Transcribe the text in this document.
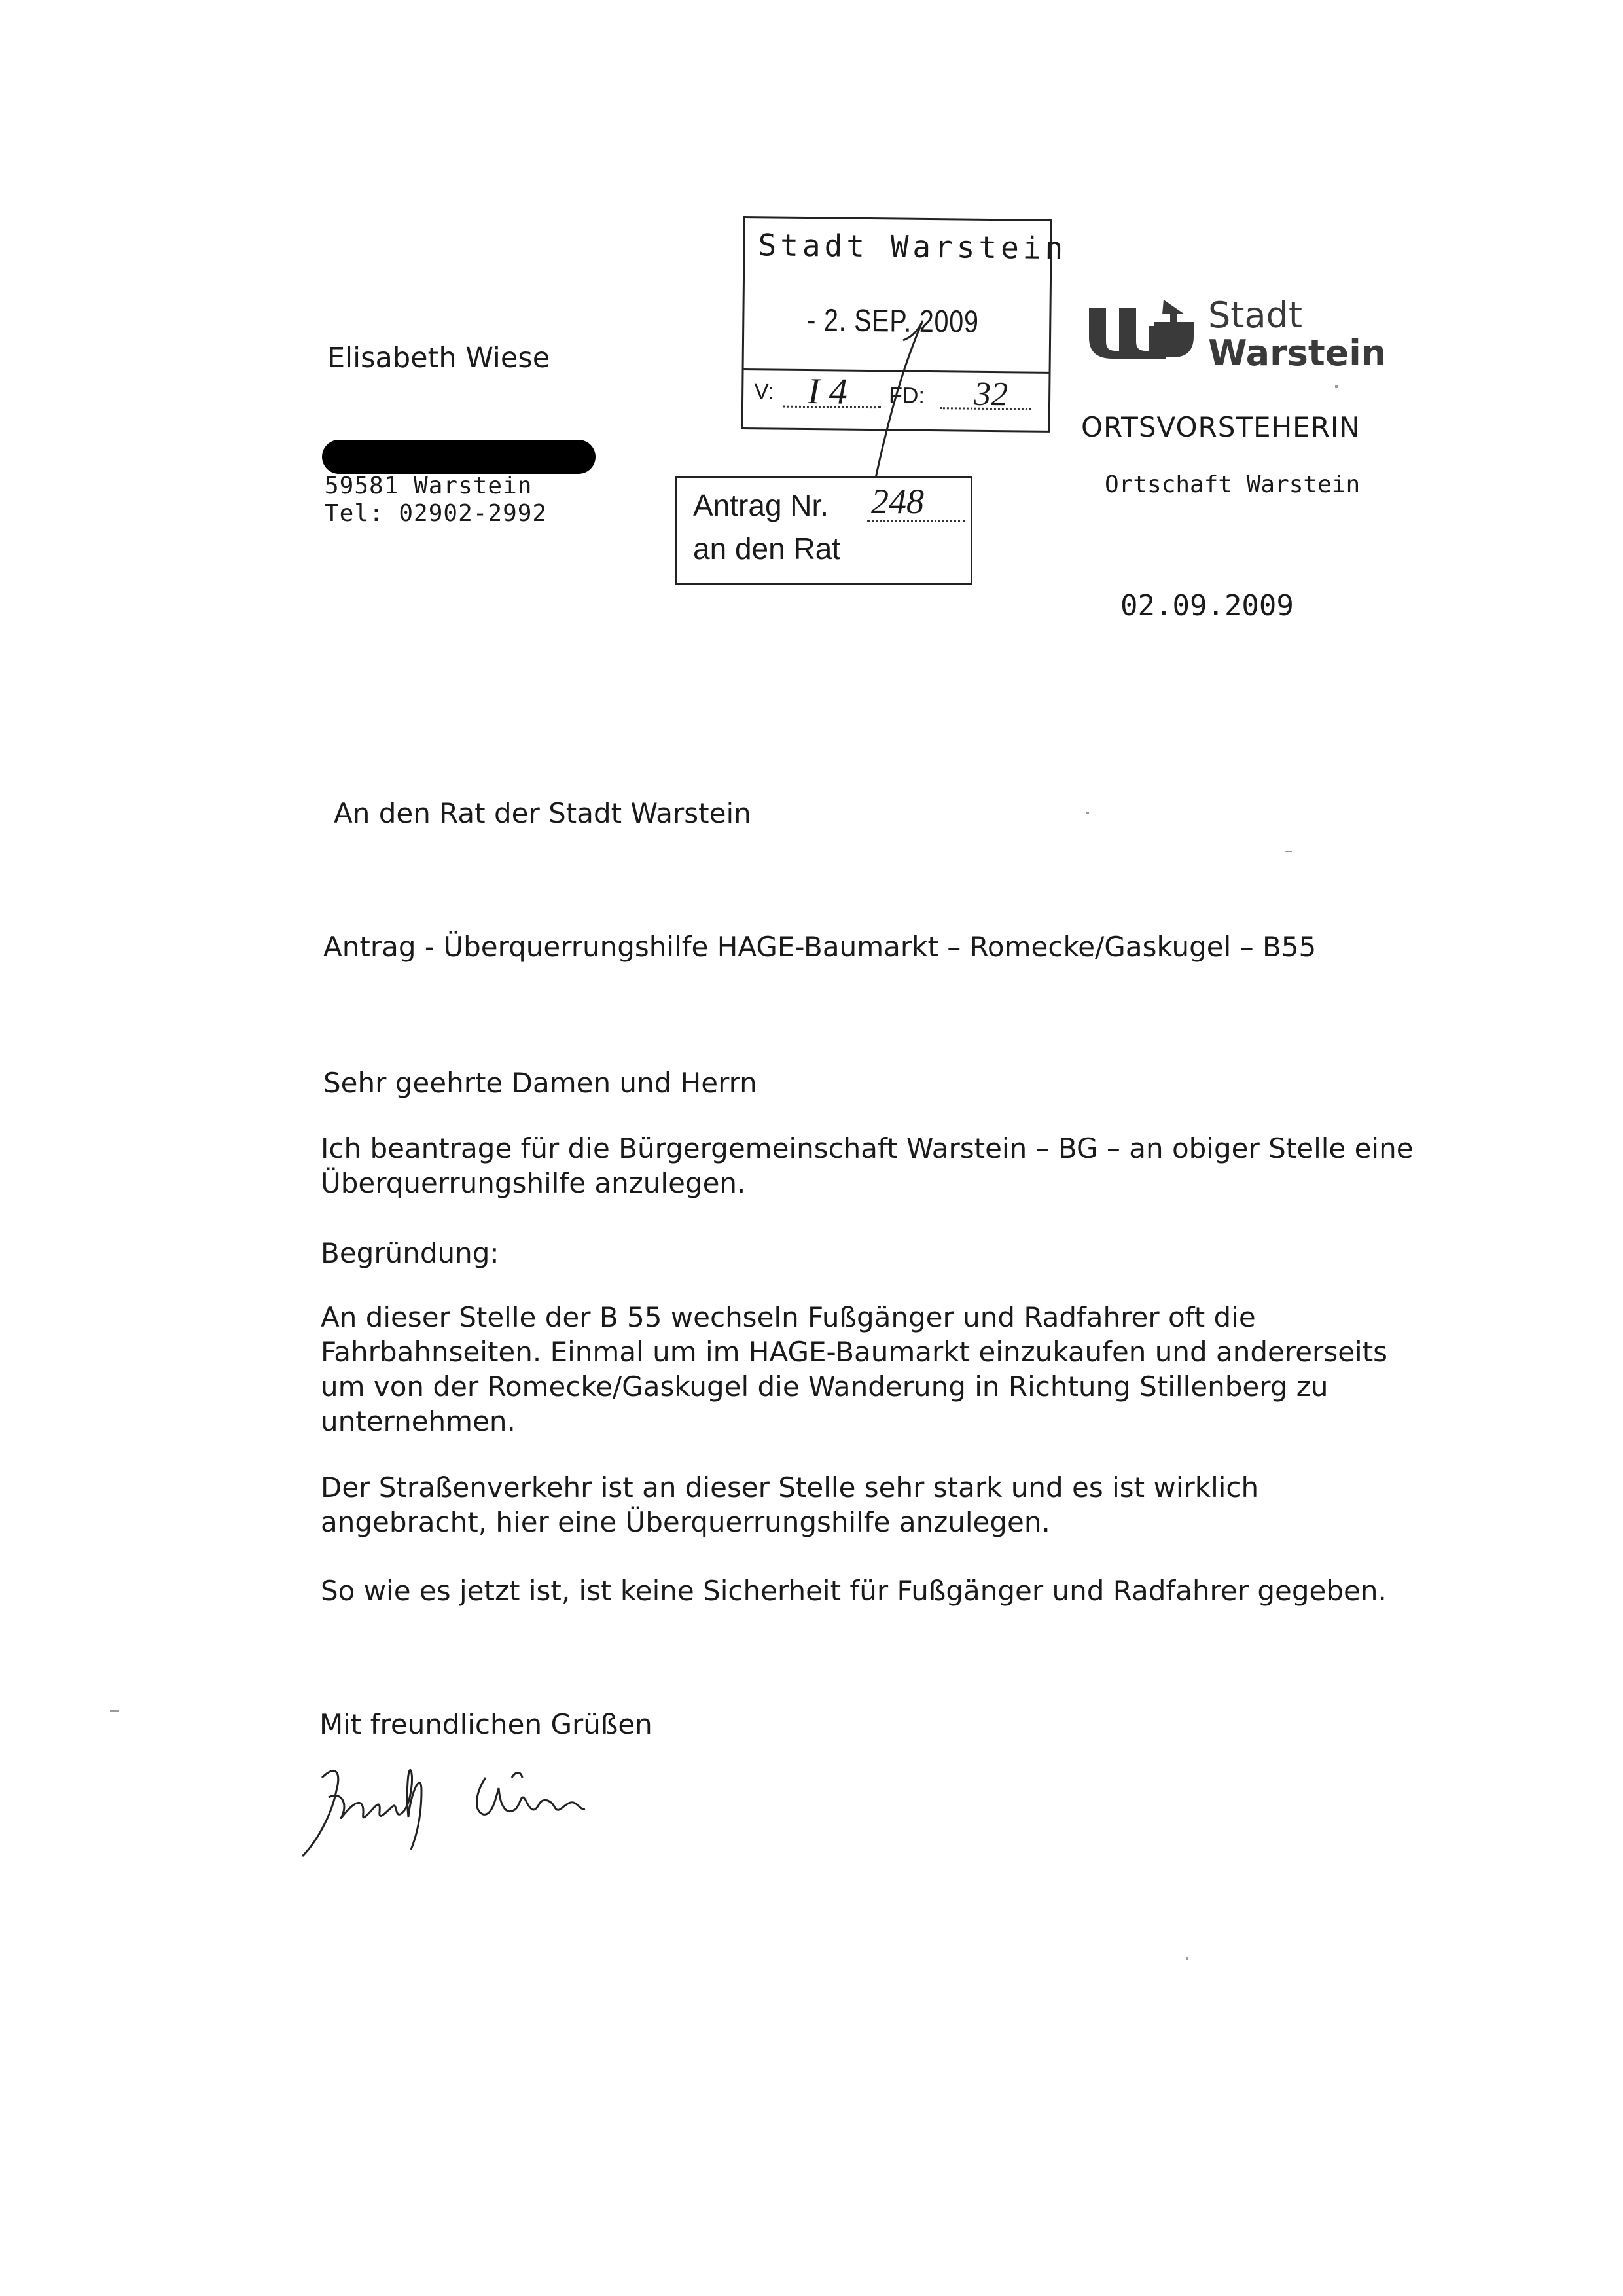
Elisabeth Wiese
59581 Warstein
Tel: 02902-2992
Stadt Warstein
- 2. SEP. 2009
V: I 4 FD: 32
Antrag Nr. 248
an den Rat
Stadt
Warstein
ORTSVORSTEHERIN
Ortschaft Warstein
02.09.2009
An den Rat der Stadt Warstein
Antrag - Überquerrungshilfe HAGE-Baumarkt – Romecke/Gaskugel – B55
Sehr geehrte Damen und Herrn
Ich beantrage für die Bürgergemeinschaft Warstein – BG – an obiger Stelle eine Überquerrungshilfe anzulegen.
Begründung:
An dieser Stelle der B 55 wechseln Fußgänger und Radfahrer oft die Fahrbahnseiten. Einmal um im HAGE-Baumarkt einzukaufen und andererseits um von der Romecke/Gaskugel die Wanderung in Richtung Stillenberg zu unternehmen.
Der Straßenverkehr ist an dieser Stelle sehr stark und es ist wirklich angebracht, hier eine Überquerrungshilfe anzulegen.
So wie es jetzt ist, ist keine Sicherheit für Fußgänger und Radfahrer gegeben.
Mit freundlichen Grüßen
